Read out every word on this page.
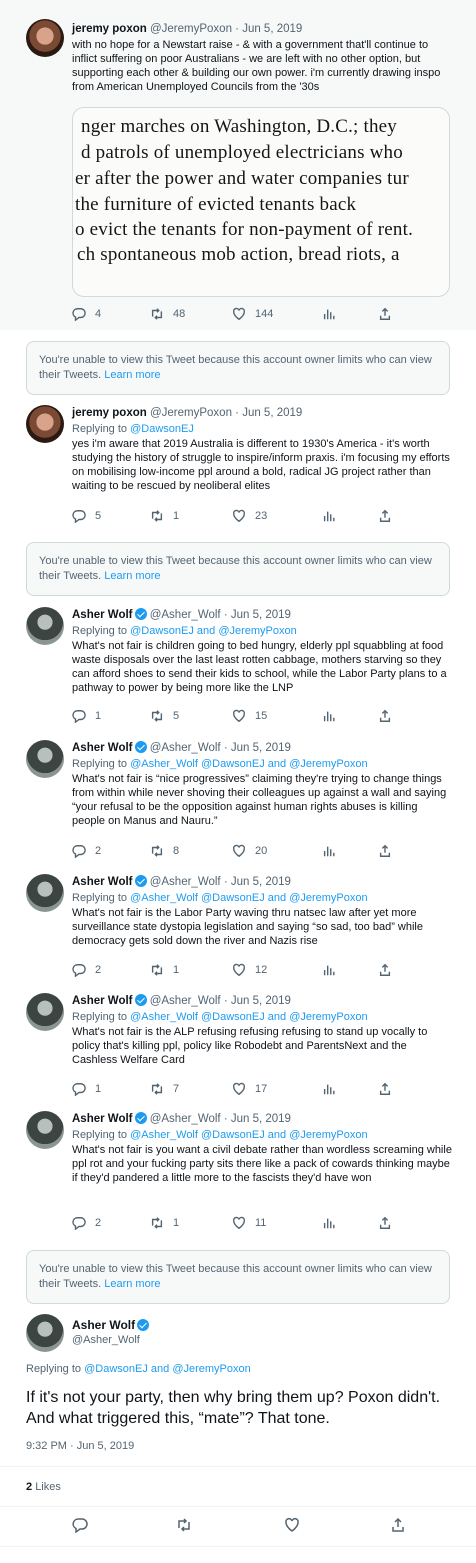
jeremy poxon @JeremyPoxon · Jun 5, 2019
with no hope for a Newstart raise - & with a government that'll continue to inflict suffering on poor Australians - we are left with no other option, but supporting each other & building our own power. i'm currently drawing inspo from American Unemployed Councils from the '30s
nger marches on Washington, D.C.; they
d patrols of unemployed electricians who
er after the power and water companies tur
the furniture of evicted tenants back
o evict the tenants for non-payment of rent.
ch spontaneous mob action, bread riots, a
4	48	144
You're unable to view this Tweet because this account owner limits who can view their Tweets. Learn more
jeremy poxon @JeremyPoxon · Jun 5, 2019
Replying to @DawsonEJ
yes i'm aware that 2019 Australia is different to 1930's America - it's worth studying the history of struggle to inspire/inform praxis. i'm focusing my efforts on mobilising low-income ppl around a bold, radical JG project rather than waiting to be rescued by neoliberal elites
5	1	23
You're unable to view this Tweet because this account owner limits who can view their Tweets. Learn more
Asher Wolf @Asher_Wolf · Jun 5, 2019
Replying to @DawsonEJ and @JeremyPoxon
What's not fair is children going to bed hungry, elderly ppl squabbling at food waste disposals over the last least rotten cabbage, mothers starving so they can afford shoes to send their kids to school, while the Labor Party plans to a pathway to power by being more like the LNP
1	5	15
Asher Wolf @Asher_Wolf · Jun 5, 2019
Replying to @Asher_Wolf @DawsonEJ and @JeremyPoxon
What's not fair is “nice progressives” claiming they're trying to change things from within while never shoving their colleagues up against a wall and saying “your refusal to be the opposition against human rights abuses is killing people on Manus and Nauru.”
2	8	20
Asher Wolf @Asher_Wolf · Jun 5, 2019
Replying to @Asher_Wolf @DawsonEJ and @JeremyPoxon
What's not fair is the Labor Party waving thru natsec law after yet more surveillance state dystopia legislation and saying “so sad, too bad” while democracy gets sold down the river and Nazis rise
2	1	12
Asher Wolf @Asher_Wolf · Jun 5, 2019
Replying to @Asher_Wolf @DawsonEJ and @JeremyPoxon
What's not fair is the ALP refusing refusing refusing to stand up vocally to policy that's killing ppl, policy like Robodebt and ParentsNext and the Cashless Welfare Card
1	7	17
Asher Wolf @Asher_Wolf · Jun 5, 2019
Replying to @Asher_Wolf @DawsonEJ and @JeremyPoxon
What's not fair is you want a civil debate rather than wordless screaming while ppl rot and your fucking party sits there like a pack of cowards thinking maybe if they'd pandered a little more to the fascists they'd have won
2	1	11
You're unable to view this Tweet because this account owner limits who can view their Tweets. Learn more
Asher Wolf
@Asher_Wolf
Replying to @DawsonEJ and @JeremyPoxon
If it's not your party, then why bring them up? Poxon didn't. And what triggered this, “mate”? That tone.
9:32 PM · Jun 5, 2019
2 Likes
